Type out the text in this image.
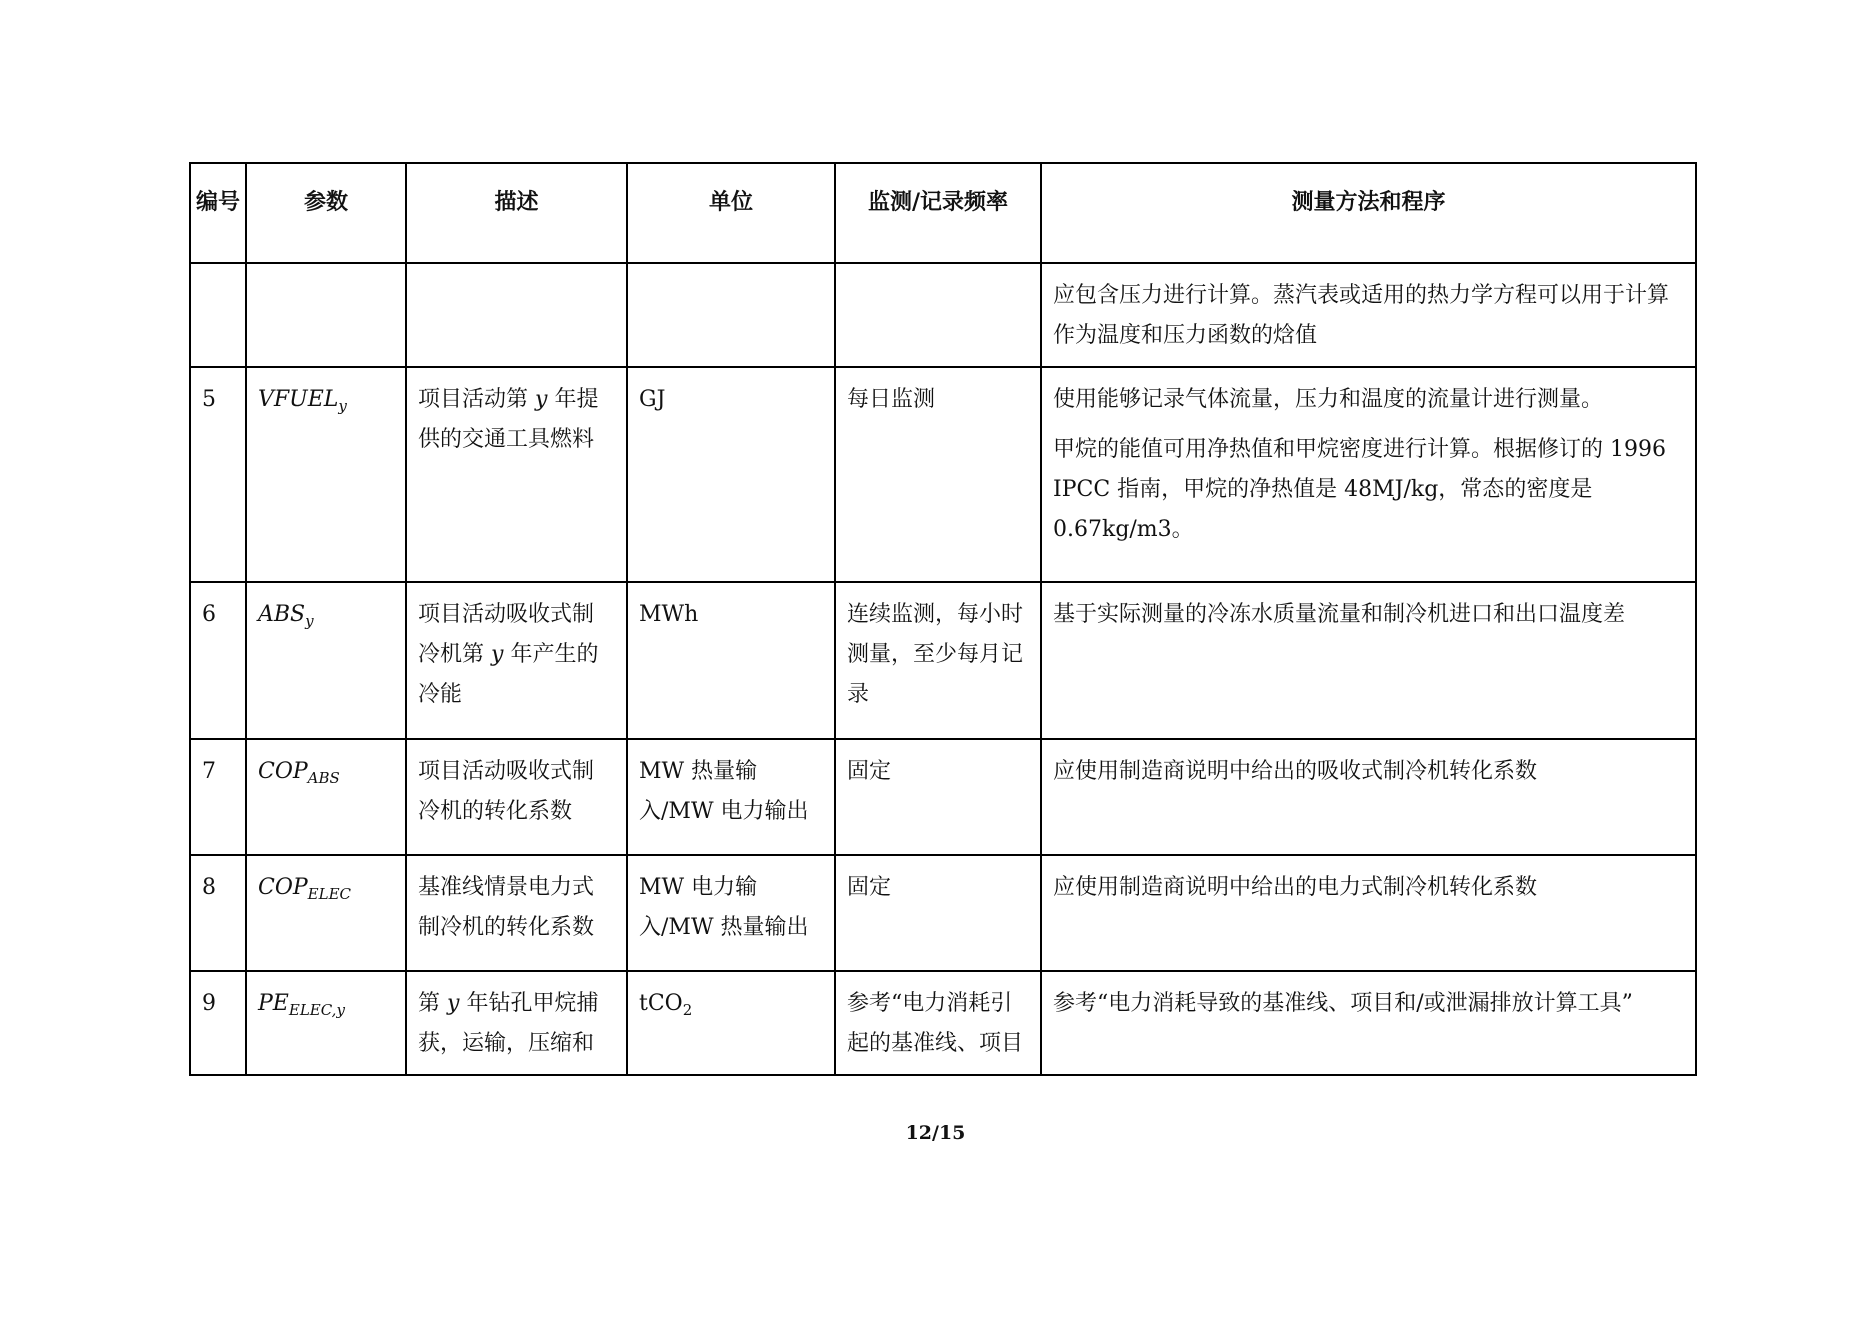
编号	参数	描述	单位	监测/记录频率	测量方法和程序
					应包含压力进行计算。蒸汽表或适用的热力学方程可以用于计算作为温度和压力函数的焓值
5	$VFUEL_y$	项目活动第 y 年提供的交通工具燃料	GJ	每日监测	使用能够记录气体流量，压力和温度的流量计进行测量。
甲烷的能值可用净热值和甲烷密度进行计算。根据修订的 1996 IPCC 指南，甲烷的净热值是 48MJ/kg，常态的密度是 0.67kg/m3。

6	$ABS_y$	项目活动吸收式制冷机第 y 年产生的冷能	MWh	连续监测，每小时测量，至少每月记录	基于实际测量的冷冻水质量流量和制冷机进口和出口温度差
7	$COP_{ABS}$	项目活动吸收式制冷机的转化系数	MW 热量输入/MW 电力输出	固定	应使用制造商说明中给出的吸收式制冷机转化系数
8	$COP_{ELEC}$	基准线情景电力式制冷机的转化系数	MW 电力输入/MW 热量输出	固定	应使用制造商说明中给出的电力式制冷机转化系数
9	$PE_{ELEC,y}$	第 y 年钻孔甲烷捕获，运输，压缩和	tCO$_2$	参考“电力消耗引起的基准线、项目	参考“电力消耗导致的基准线、项目和/或泄漏排放计算工具”
12/15
